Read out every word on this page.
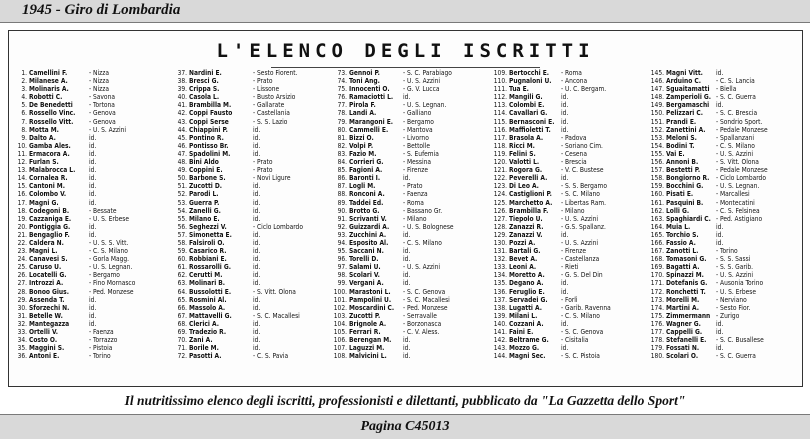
1945 - Giro di Lombardia
L'ELENCO DEGLI ISCRITTI
1. Camellini F.	- Nizza
2. Milanese A.	- Nizza
3. Molinaris A.	- Nizza
4. Robotti C.	- Savona
5. De Benedetti - Tortona
6. Rossello Vinc. - Genova
7. Rossello Vitt. - Genova
8. Motta M.	- U. S. Azzini
9. Dalto A.	id.
10. Gamba Ales.	id.
11. Ermacora A.	id.
12. Furlan S.	id.
13. Malabrocca L. id.
14. Cornalea R.	id.
15. Cantoni M.	id.
16. Colombo V.	id.
17. Magni G.	id.
18. Codegoni B.	- Bessate
19. Cazzaniga E.	- U. S. Erbese
20. Pontiggia G.	id.
21. Bengaglio F.	id.
22. Caldera N.	- U. S. S. Vitt.
23. Magni L.	- C. S. Milano
24. Canavesi S.	- Gorla Magg.
25. Caruso U.	- U. S. Legnan.
26. Locatelli G.	- Bergamo
27. Introzzi A.	- Fino Mornasco
28. Bonoo Gius.	- Ped. Monzese
29. Assenda T.	id.
30. Sforzechi N.	id.
31. Betelle W.	id.
32. Mantegazza	id.
33. Ortelli V.	- Faenza
34. Costo O.	- Torrazzo
35. Maggini S.	- Pistoia
36. Antoni E.	- Torino
37. Nardini E.	- Sesto Fiorent.
38. Bresci G.	- Prato
39. Crippa S.	- Lissone
40. Casola L.	- Busto Arsizio
41. Brambilla M.	- Gallarate
42. Coppi Fausto	- Castellania
43. Coppi Serse	- S. S. Lazio
44. Chiappini P.	id.
45. Pontino R.	id.
46. Pontisso Br.	id.
47. Spadolini M.	id.
48. Bini Aldo	- Prato
49. Coppini E.	- Prato
50. Barbone S.	- Novi Ligure
51. Zucotti D.	id.
52. Parodi L.	id.
53. Guerra P.	id.
54. Zanelli G.	id.
55. Milano E.	id.
56. Seghezzi V.	- Ciclo Lombardo
57. Simonetta E.	id.
58. Falsiroli O.	id.
59. Casarico R.	id.
60. Robbiani E.	id.
61. Rossarolli G.	id.
62. Cerutti M.	id.
63. Molinari B.	id.
64. Bussolotti E.	- S. Vitt. Olona
65. Rosmini Al.	id.
66. Massolo A.	id.
67. Mattavelli G.	- S. C. Macallesi
68. Clerici A.	id.
69. Tradezio R.	id.
70. Zani A.	id.
71. Borile M.	id.
72. Pasotti A.	- C. S. Pavia
73. Gennoi P.	- S. C. Parabiago
74. Toni Ang.	- U. S. Azzini
75. Innocenti O. - G. V. Lucca
76. Ramaciotti L. id.
77. Pirola F.	- U. S. Legnan.
78. Landi A.	- Galliano
79. Marangoni E. - Bergamo
80. Cammelli E. - Mantova
81. Bizzi O.	- Livorno
82. Volpi P.	- Bettolle
83. Fazio M.	- S. Eufemia
84. Corrieri G.	- Messina
85. Fagioni A.	- Firenze
86. Baronti I.	id.
87. Logli M.	- Prato
88. Ronconi A.	- Faenza
89. Taddei Ed.	- Roma
90. Brotto G.	- Bassano Gr.
91. Scrivanti V. - Milano
92. Guizzardi A. - U. S. Bolognese
93. Zucchini A.	id.
94. Esposito Al. - C. S. Milano
95. Saccani N.	id.
96. Torelli D.	id.
97. Salami U.	- U. S. Azzini
98. Scolari V.	id.
99. Vergani A.	id.
100. Marastoni L. - S. C. Genova
101. Pampolini U. - S. C. Macallesi
102. Moscardini C. - Ped. Monzese
103. Zucotti P.	- Serravalle
104. Brignole A.	- Borzonasca
105. Ferrari R.	- C. V. Aless.
106. Berengan M. id.
107. Laguzzi M.	id.
108. Malvicini L. id.
109. Bertocchi E. - Roma
110. Pugnaloni U. - Ancona
111. Tua E.	- U. C. Bergam.
112. Mangili G.	id.
113. Colombi E.	id.
114. Cavallari G. id.
115. Bernasconi E. id.
116. Maffioletti T. id.
117. Brasola A.	- Padova
118. Ricci M.	- Soriano Cim.
119. Felini S.	- Cesena
120. Valotti L.	- Brescia
121. Rogora G.	- V. C. Bustese
122. Peverelli A. id.
123. Di Leo A.	- S. S. Bergamo
124. Castiglioni P. - S. C. Milano
125. Marchetto A. - Libertas Ram.
126. Brambilla F. - Milano
127. Tiepolo U.	- U. S. Azzini
128. Zanazzi R.	- G.S. Spallanz.
129. Zanazzi V.	id.
130. Pozzi A.	- U. S. Azzini
131. Bartali G.	- Firenze
132. Bevet A.	- Castellanza
133. Leoni A.	- Rieti
134. Moretto A. - G. S. Del Din
135. Degano A.	id.
136. Feruglio E. id.
137. Servadei G. - Forlì
138. Lugatti A.	- Garib. Ravenna
139. Milani L.	- C. S. Milano
140. Cozzani A.	id.
141. Faini E.	- S. C. Genova
142. Beltrame G. - Cisitalia
143. Mozzo G.	id.
144. Magni Sec. - S. C. Pistoia
145. Magni Vitt. id.
146. Arduino C. - C. S. Lancia
147. Sguaitamatti - Biella
148. Zamperioli G. - S. C. Guerra
149. Bergamaschi id.
150. Pelizzari C. - S. C. Brescia
151. Prandi E.	- Sondrio Sport.
152. Zanettini A. - Pedale Monzese
153. Meloni S.	- Spallanzani
154. Bodini T.	- C. S. Milano
155. Vai E.	- U. S. Azzini
156. Annoni B.	- S. Vitt. Olona
157. Bestetti P. - Pedale Monzese
158. Bongiorno R. - Ciclo Lombardo
159. Bocchini G. - U. S. Legnan.
160. Pisati E.	- Marcallesi
161. Pasquini B. - Montecatini
162. Lolli G.	- C. S. Felsinea
163. Spaghiardi C. - Ped. Astigiano
164. Muia L.	id.
165. Torchio S.	id.
166. Fassio A.	id.
167. Zanotti L.	- Torino
168. Tomasoni G. - S. S. Sassi
169. Bagatti A. - S. S. Garib.
170. Spinazzi M. - U. S. Azzini
171. Dotefanis G. - Ausonia Torino
172. Ronchetti T. - U. S. Erbese
173. Morelli M.	- Nerviano
174. Martini A.	- Sesto Fior.
175. Zimmermann - Zurigo
176. Wagner G. id.
177. Cappelli G. id.
178. Stefanelli E. - S. C. Busallese
179. Fossati N.	id.
180. Scolari O.	- S. C. Guerra
Il nutritissimo elenco degli iscritti, professionisti e dilettanti, pubblicato da "La Gazzetta dello Sport"
Pagina C45013
